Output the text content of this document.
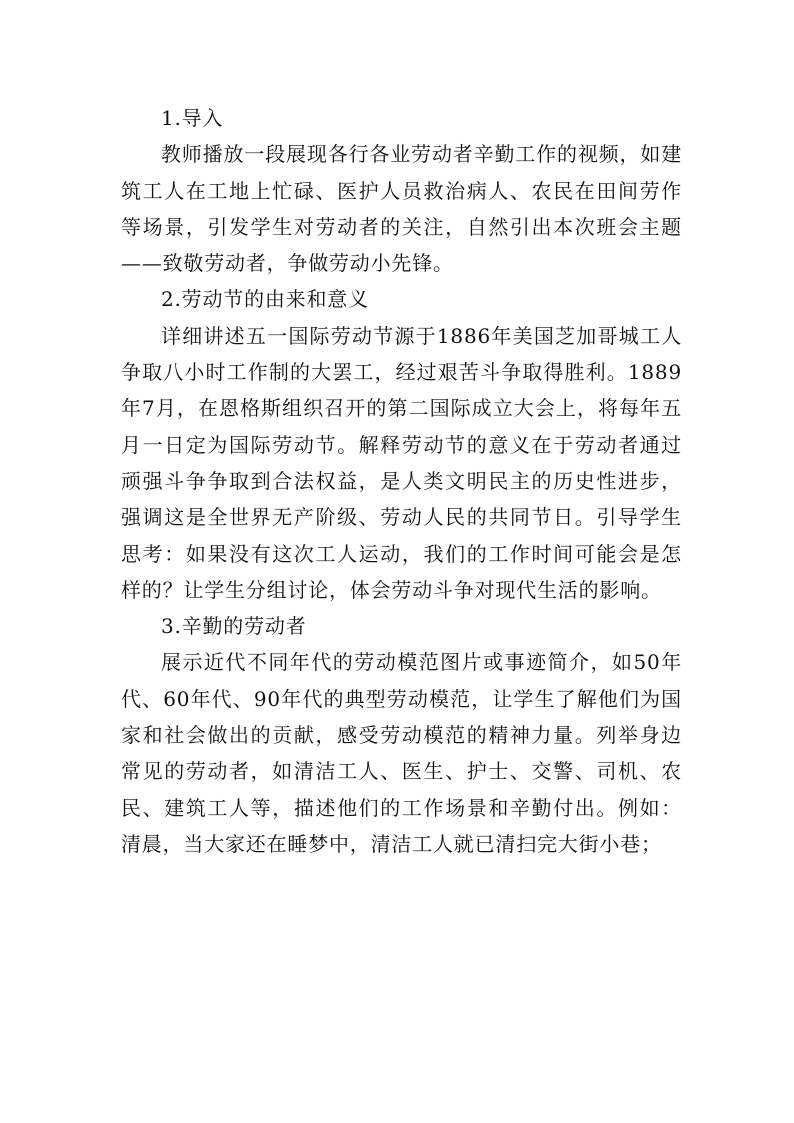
1.导入

教师播放一段展现各行各业劳动者辛勤工作的视频，如建筑工人在工地上忙碌、医护人员救治病人、农民在田间劳作等场景，引发学生对劳动者的关注，自然引出本次班会主题——致敬劳动者，争做劳动小先锋。

2.劳动节的由来和意义

详细讲述五一国际劳动节源于1886年美国芝加哥城工人争取八小时工作制的大罢工，经过艰苦斗争取得胜利。1889年7月，在恩格斯组织召开的第二国际成立大会上，将每年五月一日定为国际劳动节。解释劳动节的意义在于劳动者通过顽强斗争争取到合法权益，是人类文明民主的历史性进步，强调这是全世界无产阶级、劳动人民的共同节日。引导学生思考：如果没有这次工人运动，我们的工作时间可能会是怎样的？让学生分组讨论，体会劳动斗争对现代生活的影响。

3.辛勤的劳动者

展示近代不同年代的劳动模范图片或事迹简介，如50年代、60年代、90年代的典型劳动模范，让学生了解他们为国家和社会做出的贡献，感受劳动模范的精神力量。列举身边常见的劳动者，如清洁工人、医生、护士、交警、司机、农民、建筑工人等，描述他们的工作场景和辛勤付出。例如：清晨，当大家还在睡梦中，清洁工人就已清扫完大街小巷；
